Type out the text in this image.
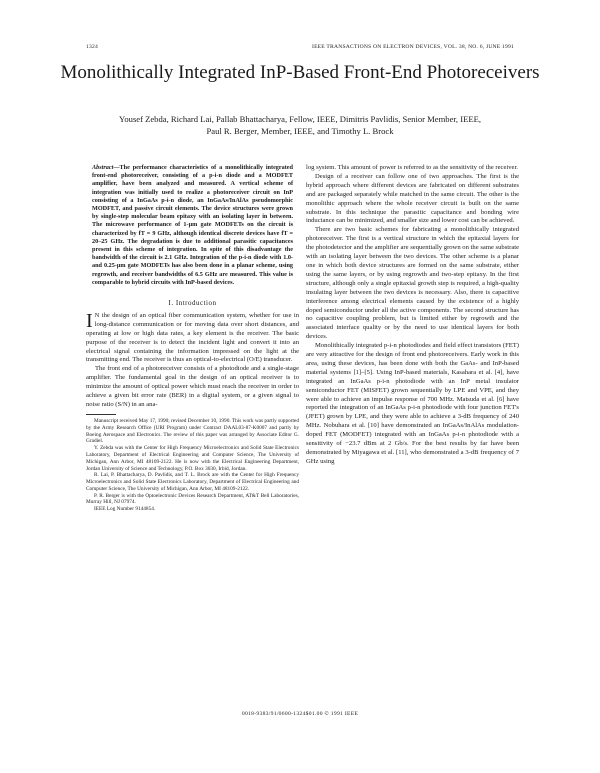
1324	IEEE TRANSACTIONS ON ELECTRON DEVICES, VOL. 38, NO. 6, JUNE 1991
Monolithically Integrated InP-Based Front-End Photoreceivers
Yousef Zebda, Richard Lai, Pallab Bhattacharya, Fellow, IEEE, Dimitris Pavlidis, Senior Member, IEEE,
Paul R. Berger, Member, IEEE, and Timothy L. Brock

Abstract—The performance characteristics of a monolithically integrated front-end photoreceiver, consisting of a p-i-n diode and a MODFET amplifier, have been analyzed and measured. A vertical scheme of integration was initially used to realize a photoreceiver circuit on InP consisting of a InGaAs p-i-n diode, an InGaAs/InAlAs pseudomorphic MODFET, and passive circuit elements. The device structures were grown by single-step molecular beam epitaxy with an isolating layer in between. The microwave performance of 1-μm gate MODFETs on the circuit is characterized by fT = 9 GHz, although identical discrete devices have fT = 20–25 GHz. The degradation is due to additional parasitic capacitances present in this scheme of integration. In spite of this disadvantage the bandwidth of the circuit is 2.1 GHz. Integration of the p-i-n diode with 1.0- and 0.25-μm gate MODFETs has also been done in a planar scheme, using regrowth, and receiver bandwidths of 6.5 GHz are measured. This value is comparable to hybrid circuits with InP-based devices.

I. Introduction

I N the design of an optical fiber communication system, whether for use in long-distance communication or for moving data over short distances, and operating at low or high data rates, a key element is the receiver. The basic purpose of the receiver is to detect the incident light and convert it into an electrical signal containing the information impressed on the light at the transmitting end. The receiver is thus an optical-to-electrical (O/E) transducer.

The front end of a photoreceiver consists of a photodiode and a single-stage amplifier. The fundamental goal in the design of an optical receiver is to minimize the amount of optical power which must reach the receiver in order to achieve a given bit error rate (BER) in a digital system, or a given signal to noise ratio (S/N) in an ana-

Manuscript received May 17, 1990; revised December 10, 1990. This work was partly supported by the Army Research Office (URI Program) under Contract DAAL03-87-K0007 and partly by Boeing Aerospace and Electronics. The review of this paper was arranged by Associate Editor G. Gradiel.

Y. Zebda was with the Center for High Frequency Microelectronics and Solid State Electronics Laboratory, Department of Electrical Engineering and Computer Science, The University of Michigan, Ann Arbor, MI 48109-2122. He is now with the Electrical Engineering Department, Jordan University of Science and Technology, P.O. Box 3030, Irbid, Jordan.

R. Lai, P. Bhattacharya, D. Pavlidis, and T. L. Brock are with the Center for High Frequency Microelectronics and Solid State Electronics Laboratory, Department of Electrical Engineering and Computer Science, The University of Michigan, Ann Arbor, MI 48109-2122.

P. R. Berger is with the Optoelectronic Devices Research Department, AT&T Bell Laboratories, Murray Hill, NJ 07974.

IEEE Log Number 9144854.

log system. This amount of power is referred to as the sensitivity of the receiver.

Design of a receiver can follow one of two approaches. The first is the hybrid approach where different devices are fabricated on different substrates and are packaged separately while matched in the same circuit. The other is the monolithic approach where the whole receiver circuit is built on the same substrate. In this technique the parasitic capacitance and bonding wire inductance can be minimized, and smaller size and lower cost can be achieved.

There are two basic schemes for fabricating a monolithically integrated photoreceiver. The first is a vertical structure in which the epitaxial layers for the photodetector and the amplifier are sequentially grown on the same substrate with an isolating layer between the two devices. The other scheme is a planar one in which both device structures are formed on the same substrate, either using the same layers, or by using regrowth and two-step epitaxy. In the first structure, although only a single epitaxial growth step is required, a high-quality insulating layer between the two devices is necessary. Also, there is capacitive interference among electrical elements caused by the existence of a highly doped semiconductor under all the active components. The second structure has no capacitive coupling problem, but is limited either by regrowth and the associated interface quality or by the need to use identical layers for both devices.

Monolithically integrated p-i-n photodiodes and field effect transistors (FET) are very attractive for the design of front end photoreceivers. Early work in this area, using these devices, has been done with both the GaAs- and InP-based material systems [1]–[5]. Using InP-based materials, Kasahara et al. [4], have integrated an InGaAs p-i-n photodiode with an InP metal insulator semiconductor FET (MISFET) grown sequentially by LPE and VPE, and they were able to achieve an impulse response of 700 MHz. Matsuda et al. [6] have reported the integration of an InGaAs p-i-n photodiode with four junction FET's (JFET) grown by LPE, and they were able to achieve a 3-dB frequency of 240 MHz. Nobuhara et al. [10] have demonstrated an InGaAs/InAlAs modulation-doped FET (MODFET) integrated with an InGaAs p-i-n photodiode with a sensitivity of −23.7 dBm at 2 Gb/s. For the best results by far have been demonstrated by Miyagawa et al. [11], who demonstrated a 3-dB frequency of 7 GHz using

0018-9383/91/0600-1324$01.00 © 1991 IEEE
